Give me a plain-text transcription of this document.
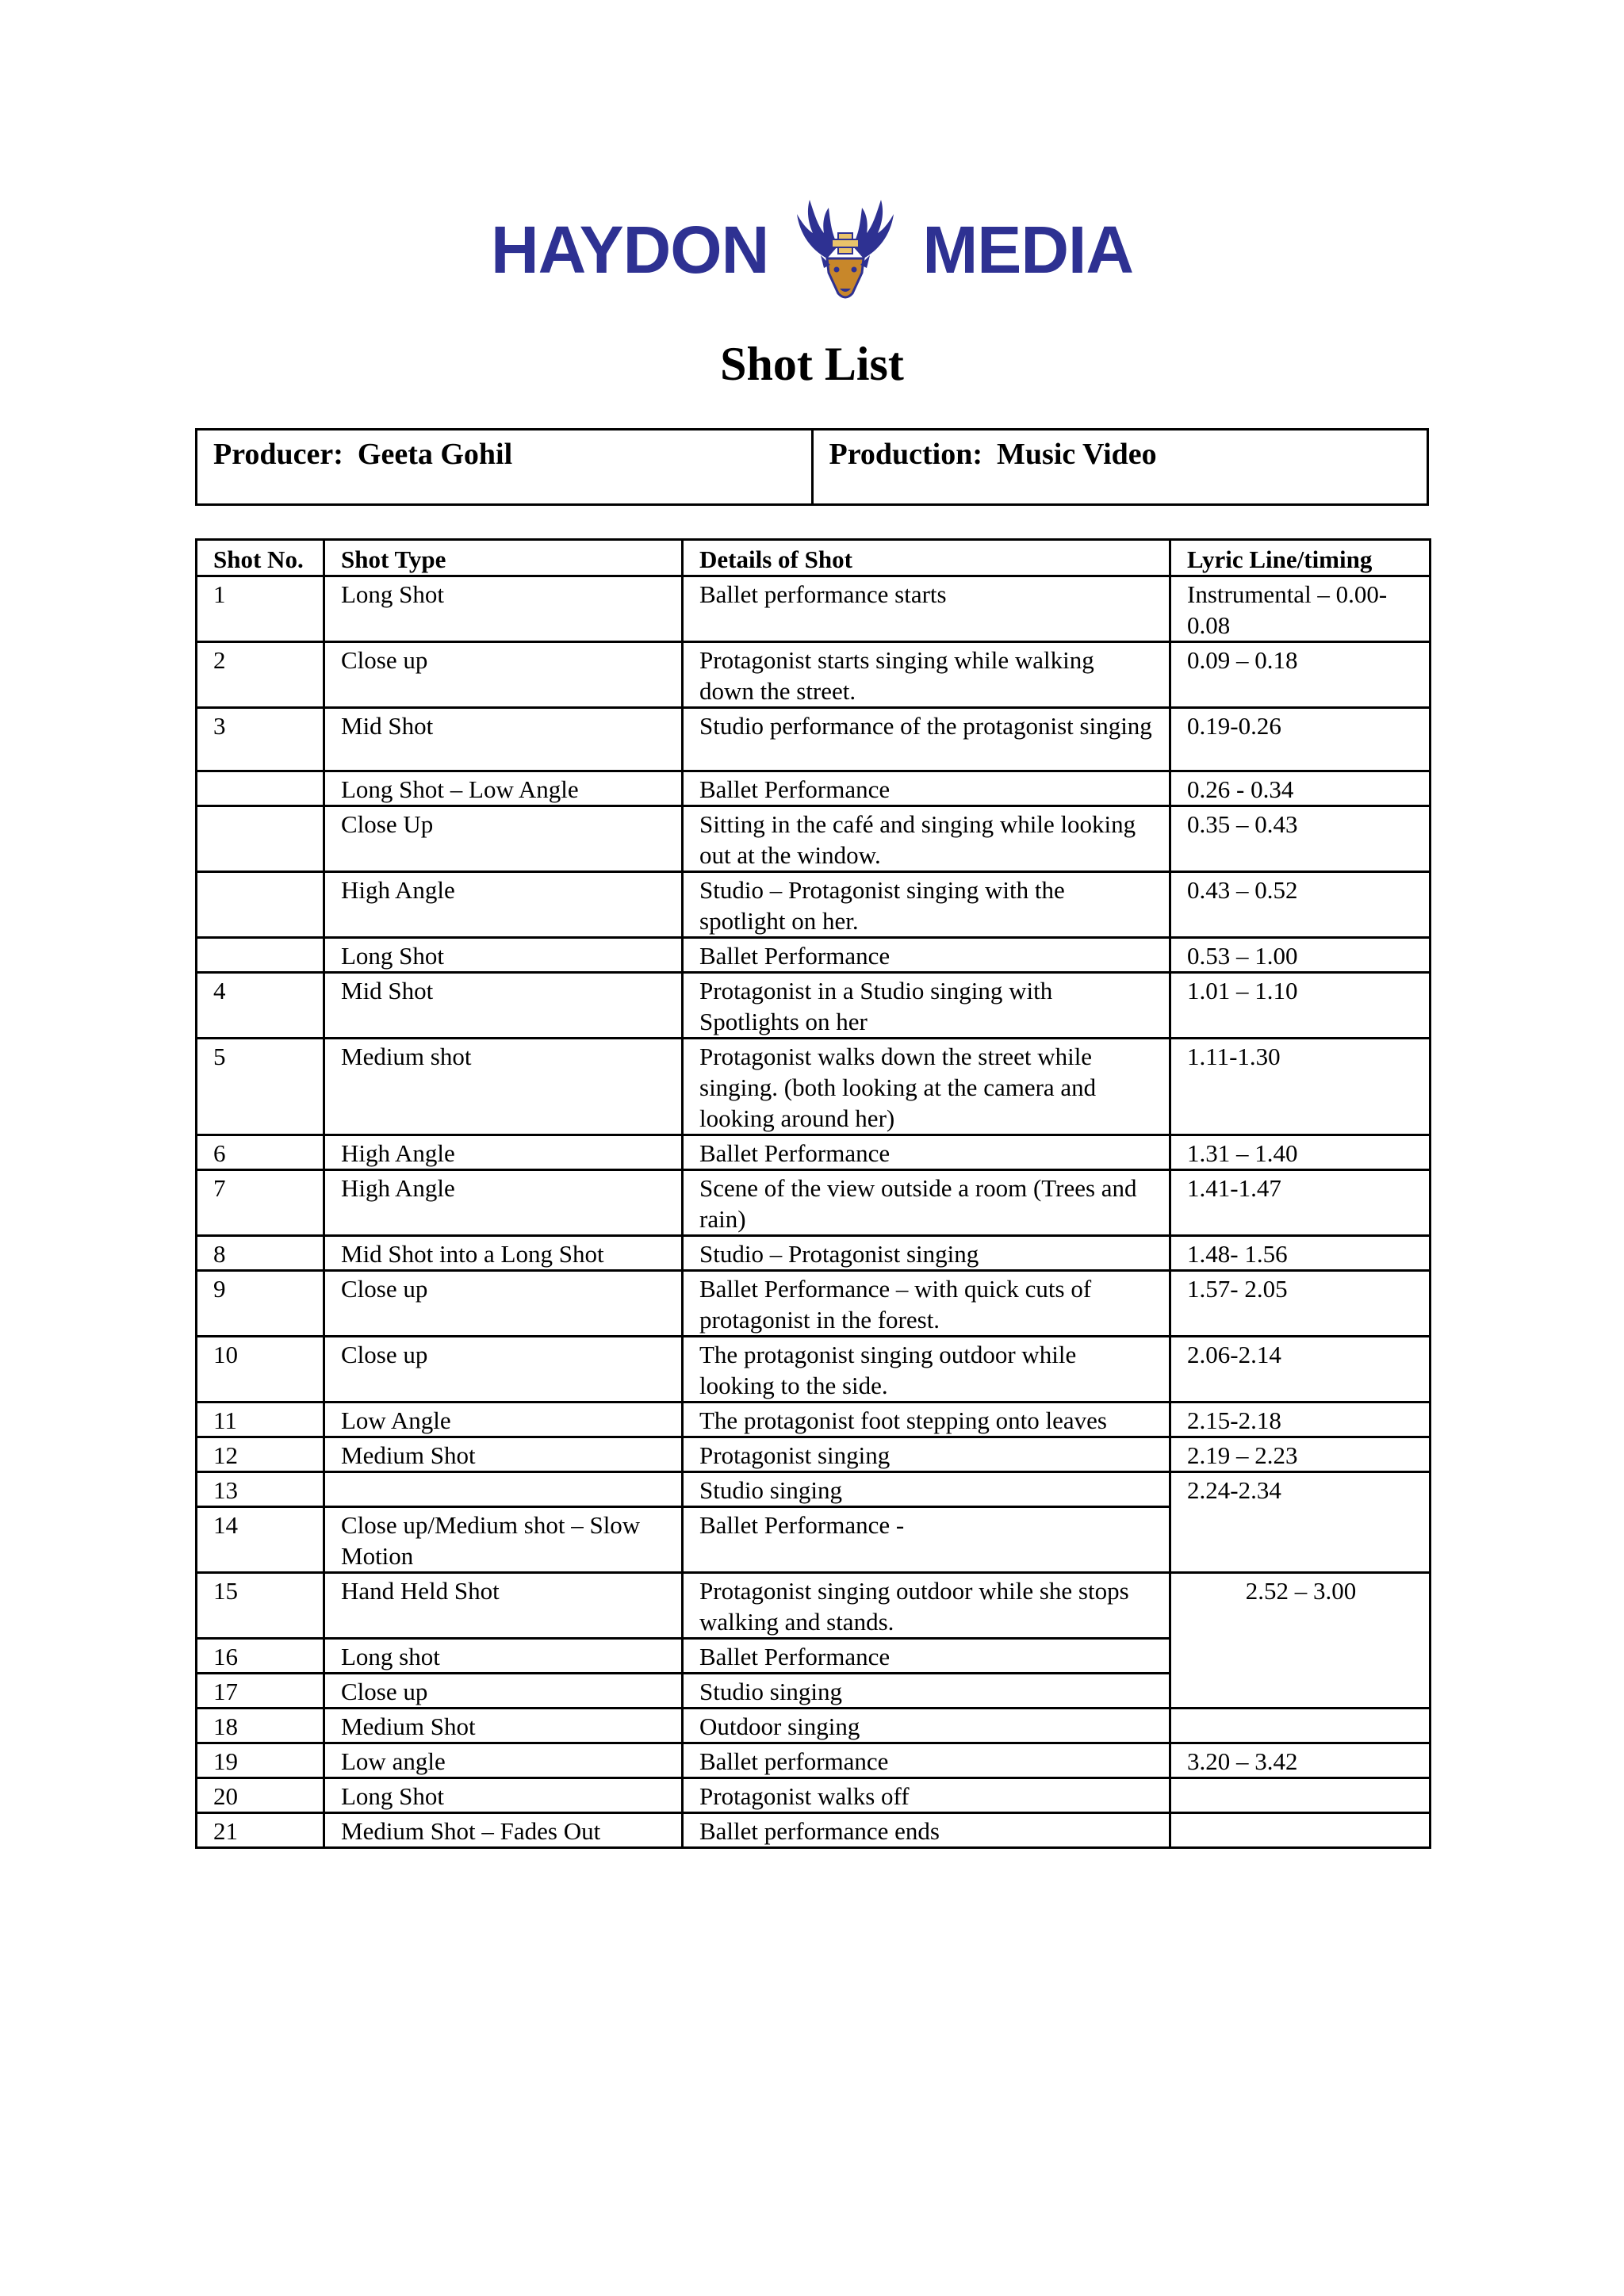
HAYDON MEDIA
Shot List
Producer: Geeta Gohil	Production: Music Video
Shot No.	Shot Type	Details of Shot	Lyric Line/timing
1	Long Shot	Ballet performance starts	Instrumental – 0.00-0.08
2	Close up	Protagonist starts singing while walking down the street.	0.09 – 0.18
3	Mid Shot	Studio performance of the protagonist singing	0.19-0.26
	Long Shot – Low Angle	Ballet Performance	0.26 - 0.34
	Close Up	Sitting in the café and singing while looking out at the window.	0.35 – 0.43
	High Angle	Studio – Protagonist singing with the spotlight on her.	0.43 – 0.52
	Long Shot	Ballet Performance	0.53 – 1.00
4	Mid Shot	Protagonist in a Studio singing with Spotlights on her	1.01 – 1.10
5	Medium shot	Protagonist walks down the street while singing. (both looking at the camera and looking around her)	1.11-1.30
6	High Angle	Ballet Performance	1.31 – 1.40
7	High Angle	Scene of the view outside a room (Trees and rain)	1.41-1.47
8	Mid Shot into a Long Shot	Studio – Protagonist singing	1.48- 1.56
9	Close up	Ballet Performance – with quick cuts of protagonist in the forest.	1.57- 2.05
10	Close up	The protagonist singing outdoor while looking to the side.	2.06-2.14
11	Low Angle	The protagonist foot stepping onto leaves	2.15-2.18
12	Medium Shot	Protagonist singing	2.19 – 2.23
13		Studio singing	2.24-2.34
14	Close up/Medium shot – Slow Motion	Ballet Performance -	
15	Hand Held Shot	Protagonist singing outdoor while she stops walking and stands.	2.52 – 3.00
16	Long shot	Ballet Performance	
17	Close up	Studio singing	
18	Medium Shot	Outdoor singing	
19	Low angle	Ballet performance	3.20 – 3.42
20	Long Shot	Protagonist walks off	
21	Medium Shot – Fades Out	Ballet performance ends	
